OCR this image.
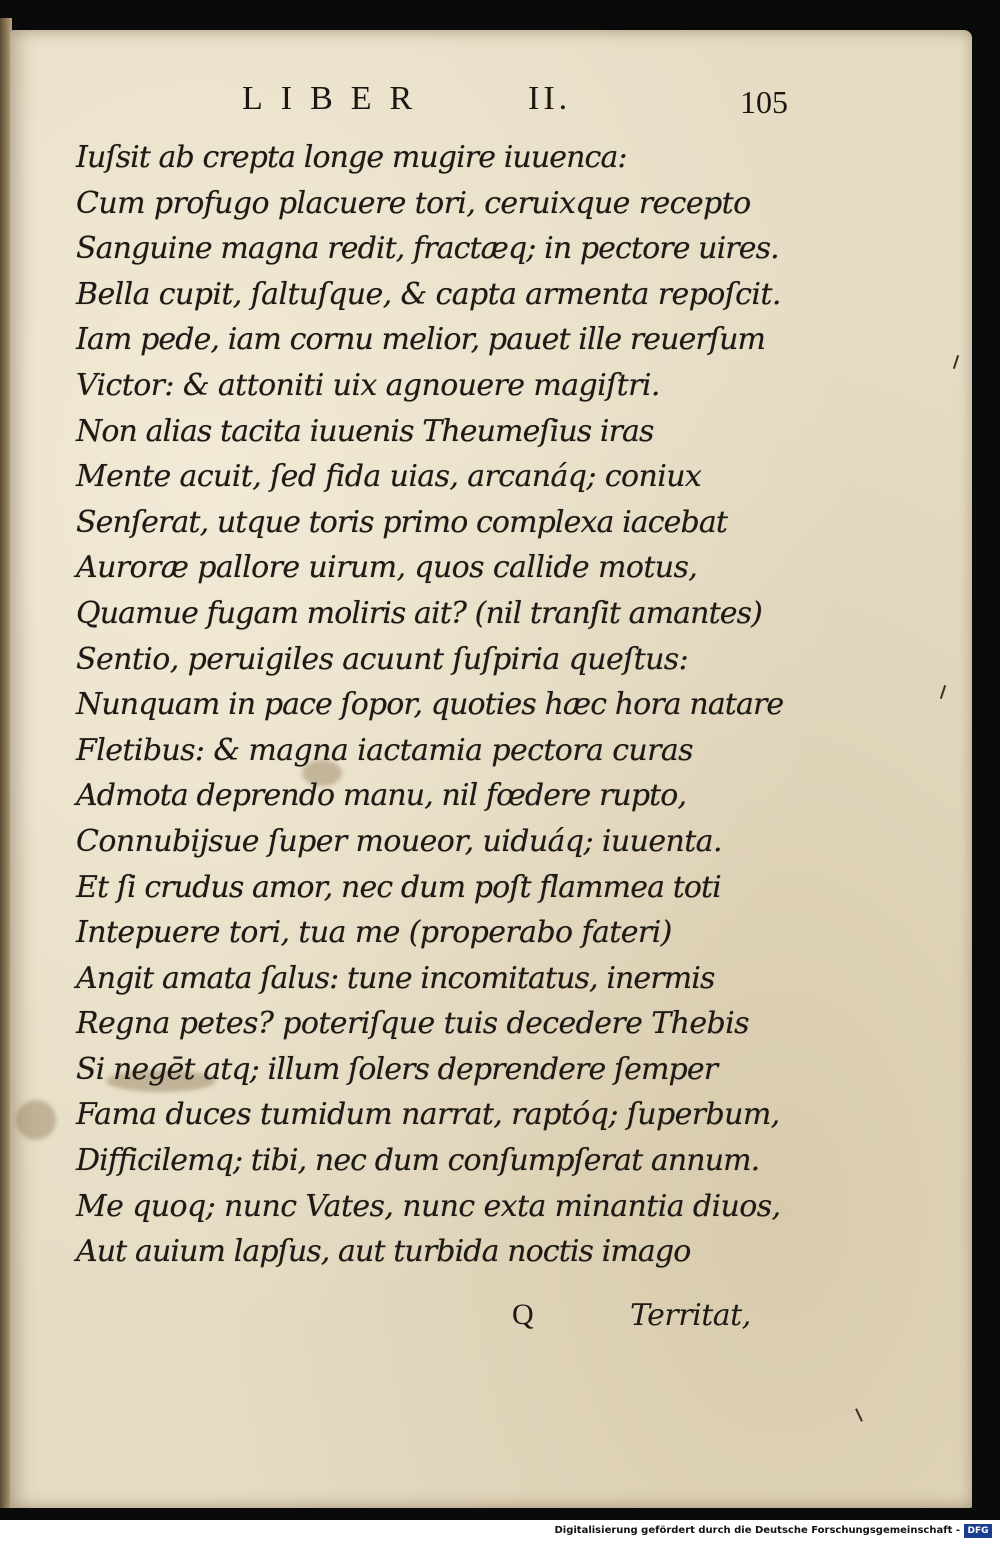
LIBER	II.	105
Iuſsit ab crepta longe mugire iuuenca:
Cum profugo placuere tori, ceruixque recepto
Sanguine magna redit, fractæq; in pectore uires.
Bella cupit, ſaltuſque, & capta armenta repoſcit.
Iam pede, iam cornu melior, pauet ille reuerſum
Victor: & attoniti uix agnouere magiſtri.
Non alias tacita iuuenis Theumeſius iras
Mente acuit, ſed fida uias, arcanáq; coniux
Senſerat, utque toris primo complexa iacebat
Auroræ pallore uirum, quos callide motus,
Quamue fugam moliris ait? (nil tranſit amantes)
Sentio, peruigiles acuunt ſuſpiria queſtus:
Nunquam in pace ſopor, quoties hæc hora natare
Fletibus: & magna iactamia pectora curas
Admota deprendo manu, nil fœdere rupto,
Connubijsue ſuper moueor, uiduáq; iuuenta.
Et ſi crudus amor, nec dum poſt flammea toti
Intepuere tori, tua me (properabo fateri)
Angit amata ſalus: tune incomitatus, inermis
Regna petes? poteriſque tuis decedere Thebis
Si negēt atq; illum ſolers deprendere ſemper
Fama duces tumidum narrat, raptóq; ſuperbum,
Difficilemq; tibi, nec dum conſumpſerat annum.
Me quoq; nunc Vates, nunc exta minantia diuos,
Aut auium lapſus, aut turbida noctis imago
Q	Territat,
Digitalisierung gefördert durch die Deutsche Forschungsgemeinschaft - DFG
